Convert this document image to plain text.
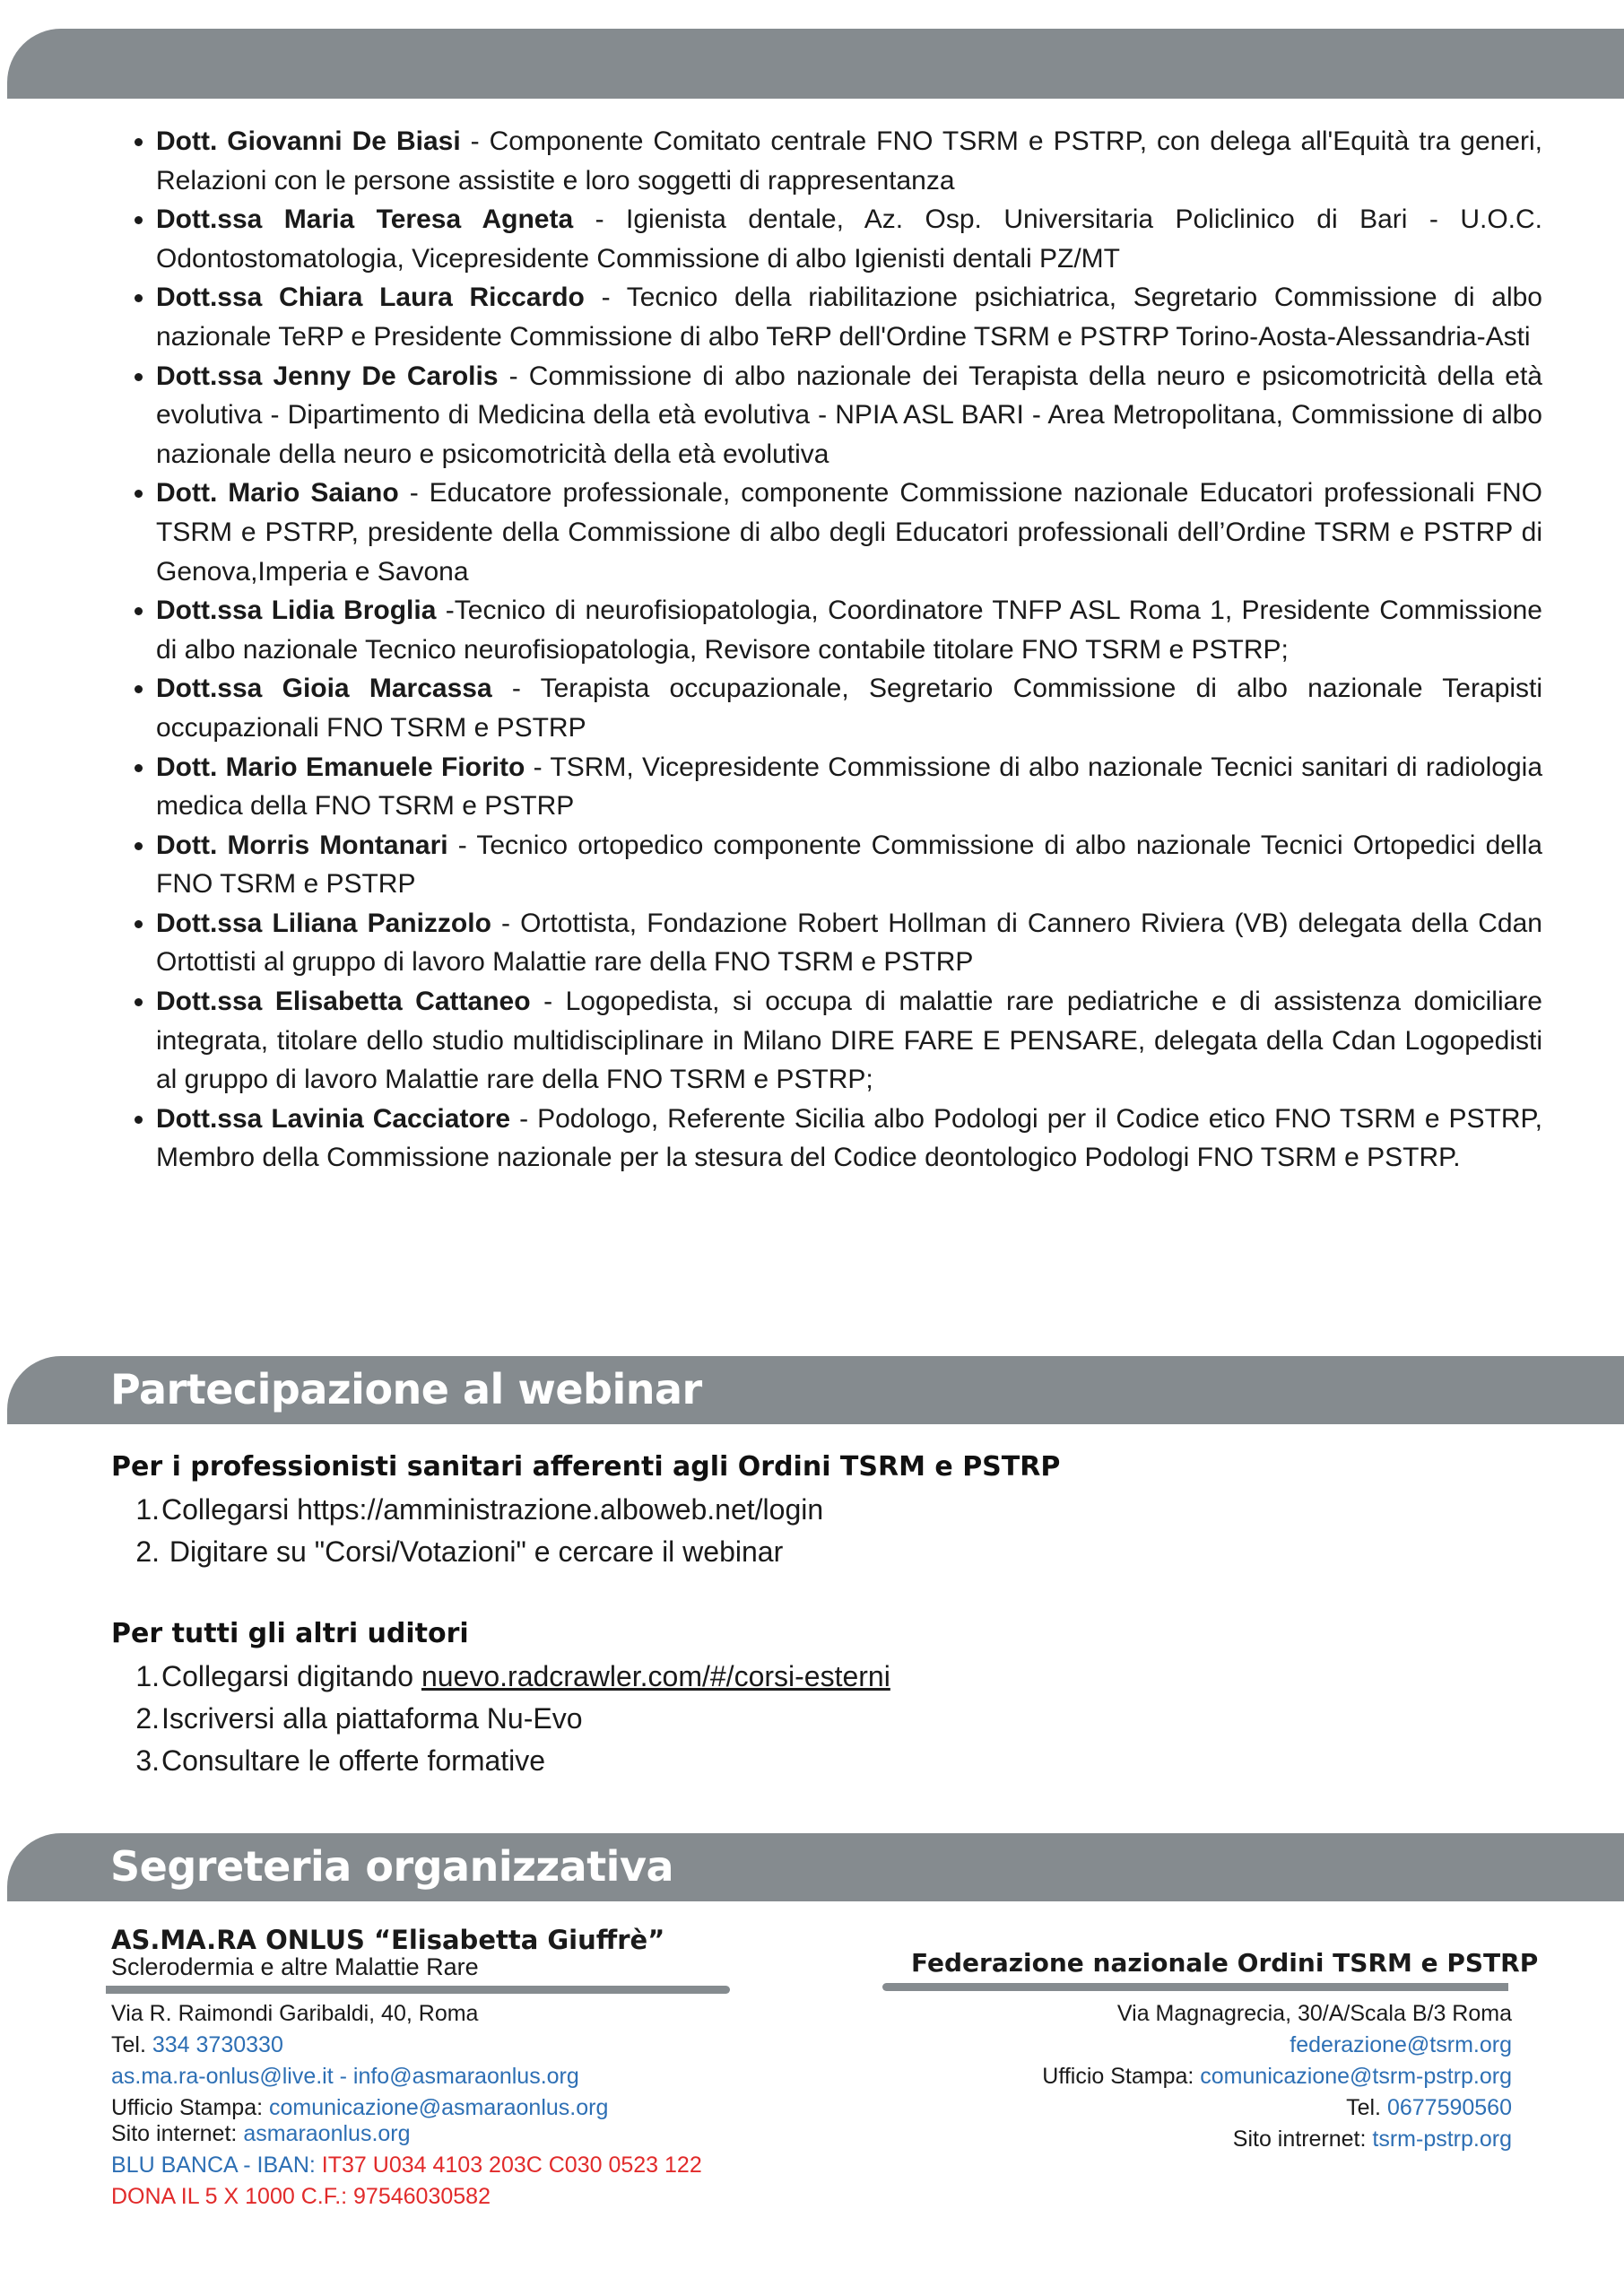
• Dott. Giovanni De Biasi - Componente Comitato centrale FNO TSRM e PSTRP, con delega all'Equità tra generi, Relazioni con le persone assistite e loro soggetti di rappresentanza
• Dott.ssa Maria Teresa Agneta - Igienista dentale, Az. Osp. Universitaria Policlinico di Bari - U.O.C. Odontostomatologia, Vicepresidente Commissione di albo Igienisti dentali PZ/MT
• Dott.ssa Chiara Laura Riccardo - Tecnico della riabilitazione psichiatrica, Segretario Commissione di albo nazionale TeRP e Presidente Commissione di albo TeRP dell'Ordine TSRM e PSTRP Torino-Aosta-Alessandria-Asti
• Dott.ssa Jenny De Carolis - Commissione di albo nazionale dei Terapista della neuro e psicomotricità della età evolutiva - Dipartimento di Medicina della età evolutiva - NPIA ASL BARI - Area Metropolitana, Commissione di albo nazionale della neuro e psicomotricità della età evolutiva
• Dott. Mario Saiano - Educatore professionale, componente Commissione nazionale Educatori professionali FNO TSRM e PSTRP, presidente della Commissione di albo degli Educatori professionali dell’Ordine TSRM e PSTRP di Genova,Imperia e Savona
• Dott.ssa Lidia Broglia -Tecnico di neurofisiopatologia, Coordinatore TNFP ASL Roma 1, Presidente Commissione di albo nazionale Tecnico neurofisiopatologia, Revisore contabile titolare FNO TSRM e PSTRP;
• Dott.ssa Gioia Marcassa - Terapista occupazionale, Segretario Commissione di albo nazionale Terapisti occupazionali FNO TSRM e PSTRP
• Dott. Mario Emanuele Fiorito - TSRM, Vicepresidente Commissione di albo nazionale Tecnici sanitari di radiologia medica della FNO TSRM e PSTRP
• Dott. Morris Montanari - Tecnico ortopedico componente Commissione di albo nazionale Tecnici Ortopedici della FNO TSRM e PSTRP
• Dott.ssa Liliana Panizzolo - Ortottista, Fondazione Robert Hollman di Cannero Riviera (VB) delegata della Cdan Ortottisti al gruppo di lavoro Malattie rare della FNO TSRM e PSTRP
• Dott.ssa Elisabetta Cattaneo - Logopedista, si occupa di malattie rare pediatriche e di assistenza domiciliare integrata, titolare dello studio multidisciplinare in Milano DIRE FARE E PENSARE, delegata della Cdan Logopedisti al gruppo di lavoro Malattie rare della FNO TSRM e PSTRP;
• Dott.ssa Lavinia Cacciatore - Podologo, Referente Sicilia albo Podologi per il Codice etico FNO TSRM e PSTRP, Membro della Commissione nazionale per la stesura del Codice deontologico Podologi FNO TSRM e PSTRP.
Partecipazione al webinar
Per i professionisti sanitari afferenti agli Ordini TSRM e PSTRP
1.Collegarsi https://amministrazione.alboweb.net/login
2. Digitare su "Corsi/Votazioni" e cercare il webinar
Per tutti gli altri uditori
1.Collegarsi digitando nuevo.radcrawler.com/#/corsi-esterni
2.Iscriversi alla piattaforma Nu-Evo
3.Consultare le offerte formative
Segreteria organizzativa
AS.MA.RA ONLUS “Elisabetta Giuffrè”
Sclerodermia e altre Malattie Rare	Federazione nazionale Ordini TSRM e PSTRP
Via R. Raimondi Garibaldi, 40, Roma
Tel. 334 3730330
as.ma.ra-onlus@live.it - info@asmaraonlus.org
Ufficio Stampa: comunicazione@asmaraonlus.org
Sito internet: asmaraonlus.org
BLU BANCA - IBAN: IT37 U034 4103 203C C030 0523 122
DONA IL 5 X 1000 C.F.: 97546030582
Via Magnagrecia, 30/A/Scala B/3 Roma
federazione@tsrm.org
Ufficio Stampa: comunicazione@tsrm-pstrp.org
Tel. 0677590560
Sito intrernet: tsrm-pstrp.org
